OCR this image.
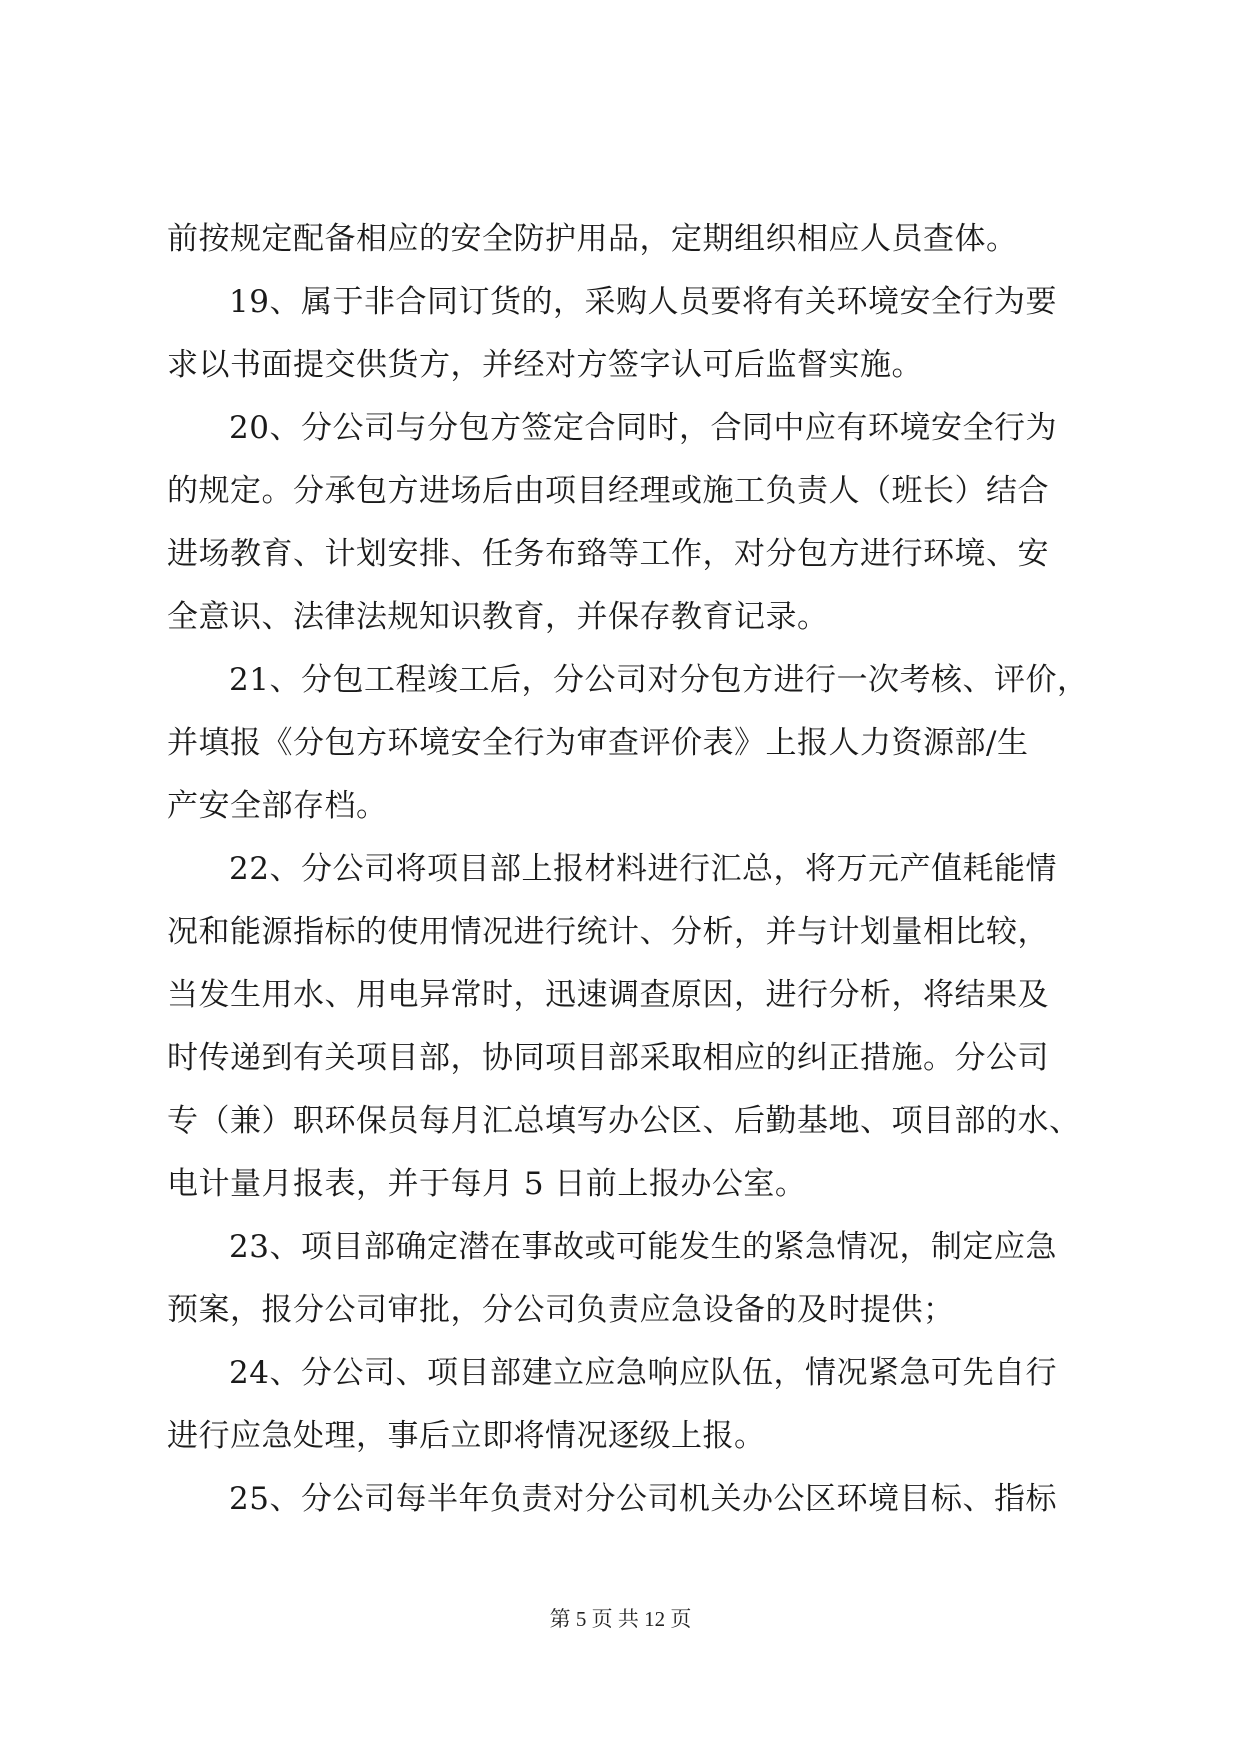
前按规定配备相应的安全防护用品，定期组织相应人员查体。
19、属于非合同订货的，采购人员要将有关环境安全行为要
求以书面提交供货方，并经对方签字认可后监督实施。
20、分公司与分包方签定合同时，合同中应有环境安全行为
的规定。分承包方进场后由项目经理或施工负责人（班长）结合
进场教育、计划安排、任务布臵等工作，对分包方进行环境、安
全意识、法律法规知识教育，并保存教育记录。
21、分包工程竣工后，分公司对分包方进行一次考核、评价，
并填报《分包方环境安全行为审查评价表》上报人力资源部/生
产安全部存档。
22、分公司将项目部上报材料进行汇总，将万元产值耗能情
况和能源指标的使用情况进行统计、分析，并与计划量相比较，
当发生用水、用电异常时，迅速调查原因，进行分析，将结果及
时传递到有关项目部，协同项目部采取相应的纠正措施。分公司
专（兼）职环保员每月汇总填写办公区、后勤基地、项目部的水、
电计量月报表，并于每月 5 日前上报办公室。
23、项目部确定潜在事故或可能发生的紧急情况，制定应急
预案，报分公司审批，分公司负责应急设备的及时提供；
24、分公司、项目部建立应急响应队伍，情况紧急可先自行
进行应急处理，事后立即将情况逐级上报。
25、分公司每半年负责对分公司机关办公区环境目标、指标
第 5 页 共 12 页
